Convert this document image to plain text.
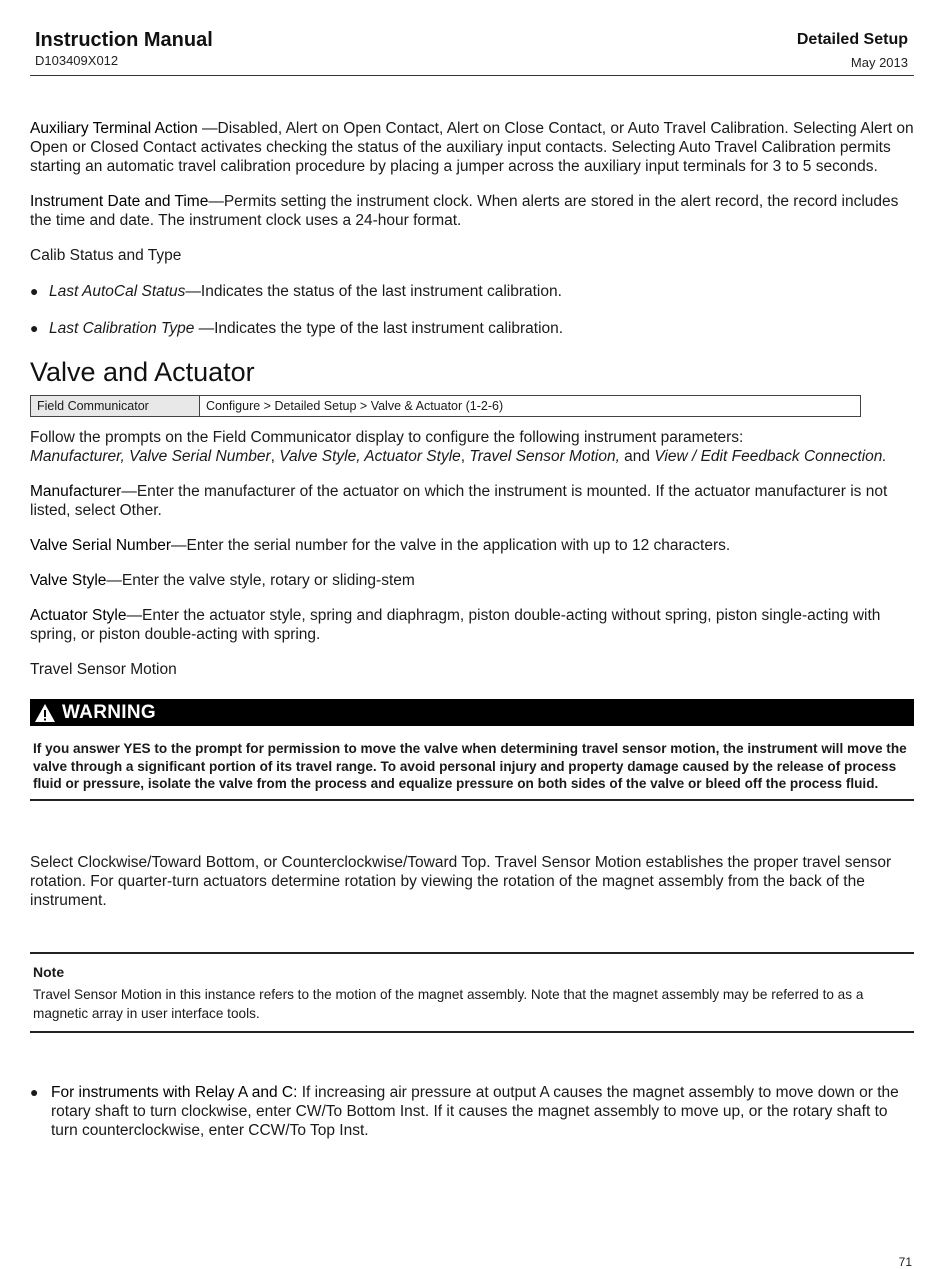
Instruction Manual
D103409X012
Detailed Setup
May 2013

Auxiliary Terminal Action —Disabled, Alert on Open Contact, Alert on Close Contact, or Auto Travel Calibration. Selecting Alert on Open or Closed Contact activates checking the status of the auxiliary input contacts. Selecting Auto Travel Calibration permits starting an automatic travel calibration procedure by placing a jumper across the auxiliary input terminals for 3 to 5 seconds.

Instrument Date and Time—Permits setting the instrument clock. When alerts are stored in the alert record, the record includes the time and date. The instrument clock uses a 24-hour format.

Calib Status and Type
● Last AutoCal Status—Indicates the status of the last instrument calibration.
● Last Calibration Type —Indicates the type of the last instrument calibration.
Valve and Actuator
Field Communicator	Configure > Detailed Setup > Valve & Actuator (1-2-6)

Follow the prompts on the Field Communicator display to configure the following instrument parameters:
Manufacturer, Valve Serial Number, Valve Style, Actuator Style, Travel Sensor Motion, and View / Edit Feedback Connection.

Manufacturer—Enter the manufacturer of the actuator on which the instrument is mounted. If the actuator manufacturer is not listed, select Other.

Valve Serial Number—Enter the serial number for the valve in the application with up to 12 characters.

Valve Style—Enter the valve style, rotary or sliding-stem

Actuator Style—Enter the actuator style, spring and diaphragm, piston double-acting without spring, piston single-acting with spring, or piston double-acting with spring.

Travel Sensor Motion
WARNING
If you answer YES to the prompt for permission to move the valve when determining travel sensor motion, the instrument will move the valve through a significant portion of its travel range. To avoid personal injury and property damage caused by the release of process fluid or pressure, isolate the valve from the process and equalize pressure on both sides of the valve or bleed off the process fluid.

Select Clockwise/Toward Bottom, or Counterclockwise/Toward Top. Travel Sensor Motion establishes the proper travel sensor rotation. For quarter-turn actuators determine rotation by viewing the rotation of the magnet assembly from the back of the instrument.

Note
Travel Sensor Motion in this instance refers to the motion of the magnet assembly. Note that the magnet assembly may be referred to as a magnetic array in user interface tools.
● For instruments with Relay A and C: If increasing air pressure at output A causes the magnet assembly to move down or the rotary shaft to turn clockwise, enter CW/To Bottom Inst. If it causes the magnet assembly to move up, or the rotary shaft to turn counterclockwise, enter CCW/To Top Inst.
71
